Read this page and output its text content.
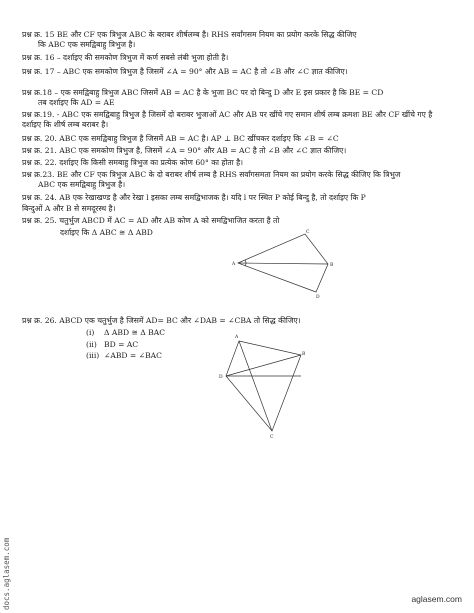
प्रश्न क्र. 15 BE और CF एक त्रिभुज ABC के बराबर शीर्षलम्ब है। RHS सर्वांगसम नियम का प्रयोग करके सिद्ध कीजिए
कि ABC एक समद्विबाहु त्रिभुज है।
प्रश्न क्र. 16 – दर्शाइए की समकोण त्रिभुज में कर्ण सबसे लंबी भुजा होती है।
प्रश्न क्र. 17 – ABC एक समकोण त्रिभुज है जिसमें ∠A = 90° और AB = AC है तो ∠B और ∠C ज्ञात कीजिए।
प्रश्न क्र.18 – एक समद्विबाहु त्रिभुज ABC जिसमें AB = AC है के भुजा BC पर दो बिन्दु D और E इस प्रकार है कि BE = CD
तब दर्शाइए कि AD = AE
प्रश्न क्र.19. - ABC एक समद्विबाहु त्रिभुज है जिसमें दो बराबर भुजाओं AC और AB पर खींचे गए समान शीर्ष लम्ब क्रमशः BE और CF खींचे गए है
दर्शाइए कि शीर्ष लम्ब बराबर है।
प्रश्न क्र. 20. ABC एक समद्विबाहु त्रिभुज है जिसमें AB = AC है। AP ⊥ BC खींचकर दर्शाइए कि ∠B = ∠C
प्रश्न क्र. 21. ABC एक समकोण त्रिभुज है, जिसमें ∠A = 90° और AB = AC है तो ∠B और ∠C ज्ञात कीजिए।
प्रश्न क्र. 22. दर्शाइए कि किसी समबाहु त्रिभुज का प्रत्येक कोण 60° का होता है।
प्रश्न क्र.23. BE और CF एक त्रिभुज ABC के दो बराबर शीर्ष लम्ब है RHS सर्वांगसमता नियम का प्रयोग करके सिद्ध कीजिए कि त्रिभुज
ABC एक समद्विबाहु त्रिभुज है।
प्रश्न क्र. 24. AB एक रेखाखण्ड है और रेखा l इसका लम्ब समद्विभाजक है। यदि l पर स्थित P कोई बिन्दु है, तो दर्शाइए कि P
बिन्दुओं A और B से समदूरस्थ है।
प्रश्न क्र. 25. चतुर्भुज ABCD में AC = AD और AB कोण A को समद्विभाजित करता है तो
दर्शाइए कि Δ ABC ≅ Δ ABD
A
C
B
D
प्रश्न क्र. 26. ABCD एक चतुर्भुज है जिसमें AD= BC और ∠DAB = ∠CBA तो सिद्ध कीजिए।
(i)	Δ ABD ≅ Δ BAC
(ii) BD = AC
(iii) ∠ABD = ∠BAC
A
B
C
D
docs.aglasem.com	aglasem.com
